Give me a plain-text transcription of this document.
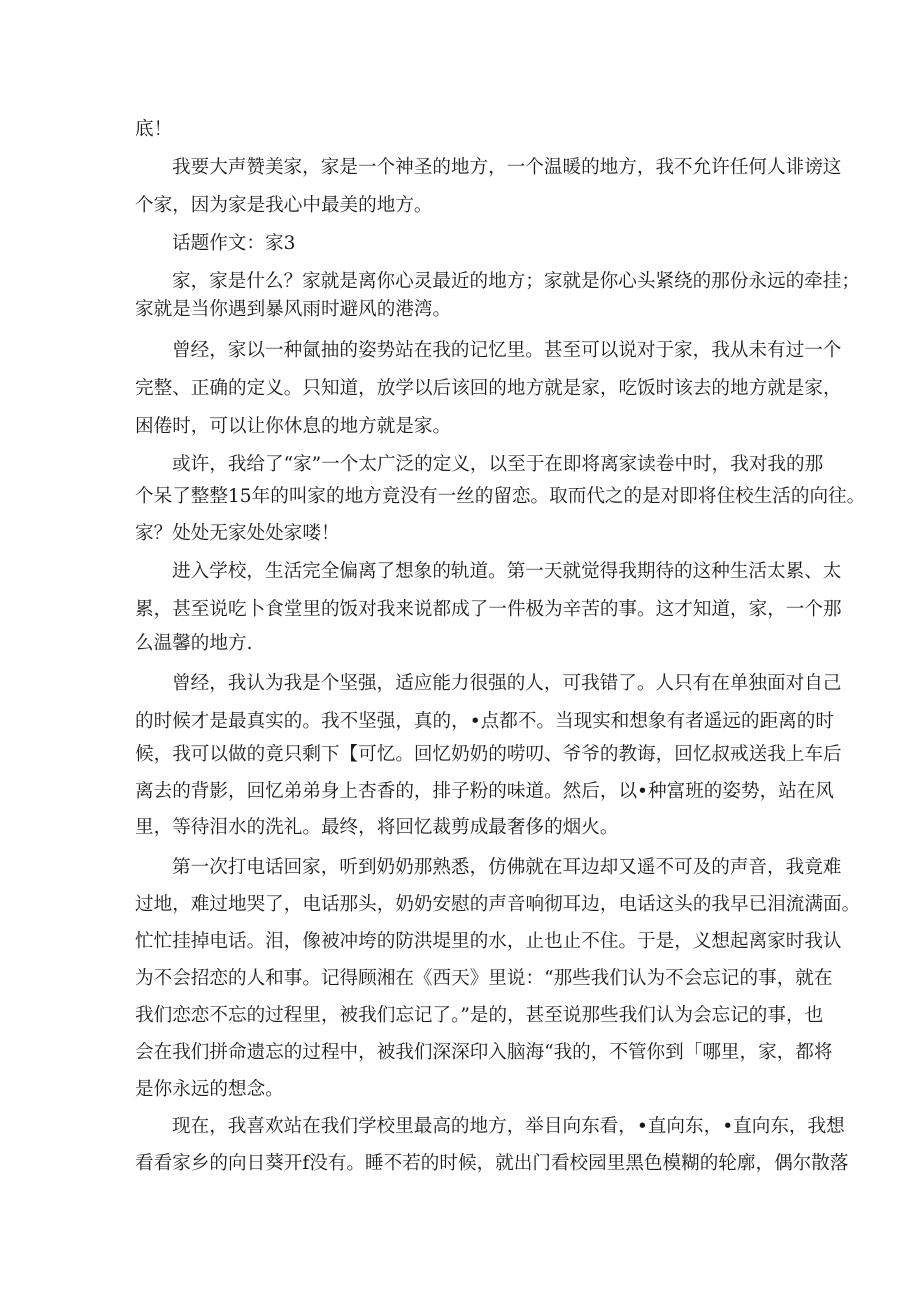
底！
我要大声赞美家，家是一个神圣的地方，一个温暖的地方，我不允许任何人诽谤这
个家，因为家是我心中最美的地方。
话题作文：家3
家，家是什么？家就是离你心灵最近的地方；家就是你心头紧绕的那份永远的牵挂；
家就是当你遇到暴风雨时避风的港湾。
曾经，家以一种氤抽的姿势站在我的记忆里。甚至可以说对于家，我从未有过一个
完整、正确的定义。只知道，放学以后该回的地方就是家，吃饭时该去的地方就是家，
困倦时，可以让你休息的地方就是家。
或许，我给了“家”一个太广泛的定义，以至于在即将离家读卷中时，我对我的那
个呆了整整15年的叫家的地方竟没有一丝的留恋。取而代之的是对即将住校生活的向往。
家？处处无家处处家喽！
进入学校，生活完全偏离了想象的轨道。第一天就觉得我期待的这种生活太累、太
累，甚至说吃卜食堂里的饭对我来说都成了一件极为辛苦的事。这才知道，家，一个那
么温馨的地方.
曾经，我认为我是个坚强，适应能力很强的人，可我错了。人只有在单独面对自己
的时候才是最真实的。我不坚强，真的，•点都不。当现实和想象有者遥远的距离的时
候，我可以做的竟只剩下【可忆。回忆奶奶的唠叨、爷爷的教诲，回忆叔戒送我上车后
离去的背影，回忆弟弟身上杏香的，排子粉的味道。然后，以•种富班的姿势，站在风
里，等待泪水的洗礼。最终，将回忆裁剪成最奢侈的烟火。
第一次打电话回家，听到奶奶那熟悉，仿佛就在耳边却又遥不可及的声音，我竟难
过地，难过地哭了，电话那头，奶奶安慰的声音响彻耳边，电话这头的我早已泪流满面。
忙忙挂掉电话。泪，像被冲垮的防洪堤里的水，止也止不住。于是，义想起离家时我认
为不会招恋的人和事。记得顾湘在《西天》里说：“那些我们认为不会忘记的事，就在
我们恋恋不忘的过程里，被我们忘记了。”是的，甚至说那些我们认为会忘记的事，也
会在我们拼命遗忘的过程中，被我们深深印入脑海“我的，不管你到「哪里，家，都将
是你永远的想念。
现在，我喜欢站在我们学校里最高的地方，举目向东看，•直向东，•直向东，我想
看看家乡的向日葵开f没有。睡不若的时候，就出门看校园里黑色模糊的轮廓，偶尔散落
